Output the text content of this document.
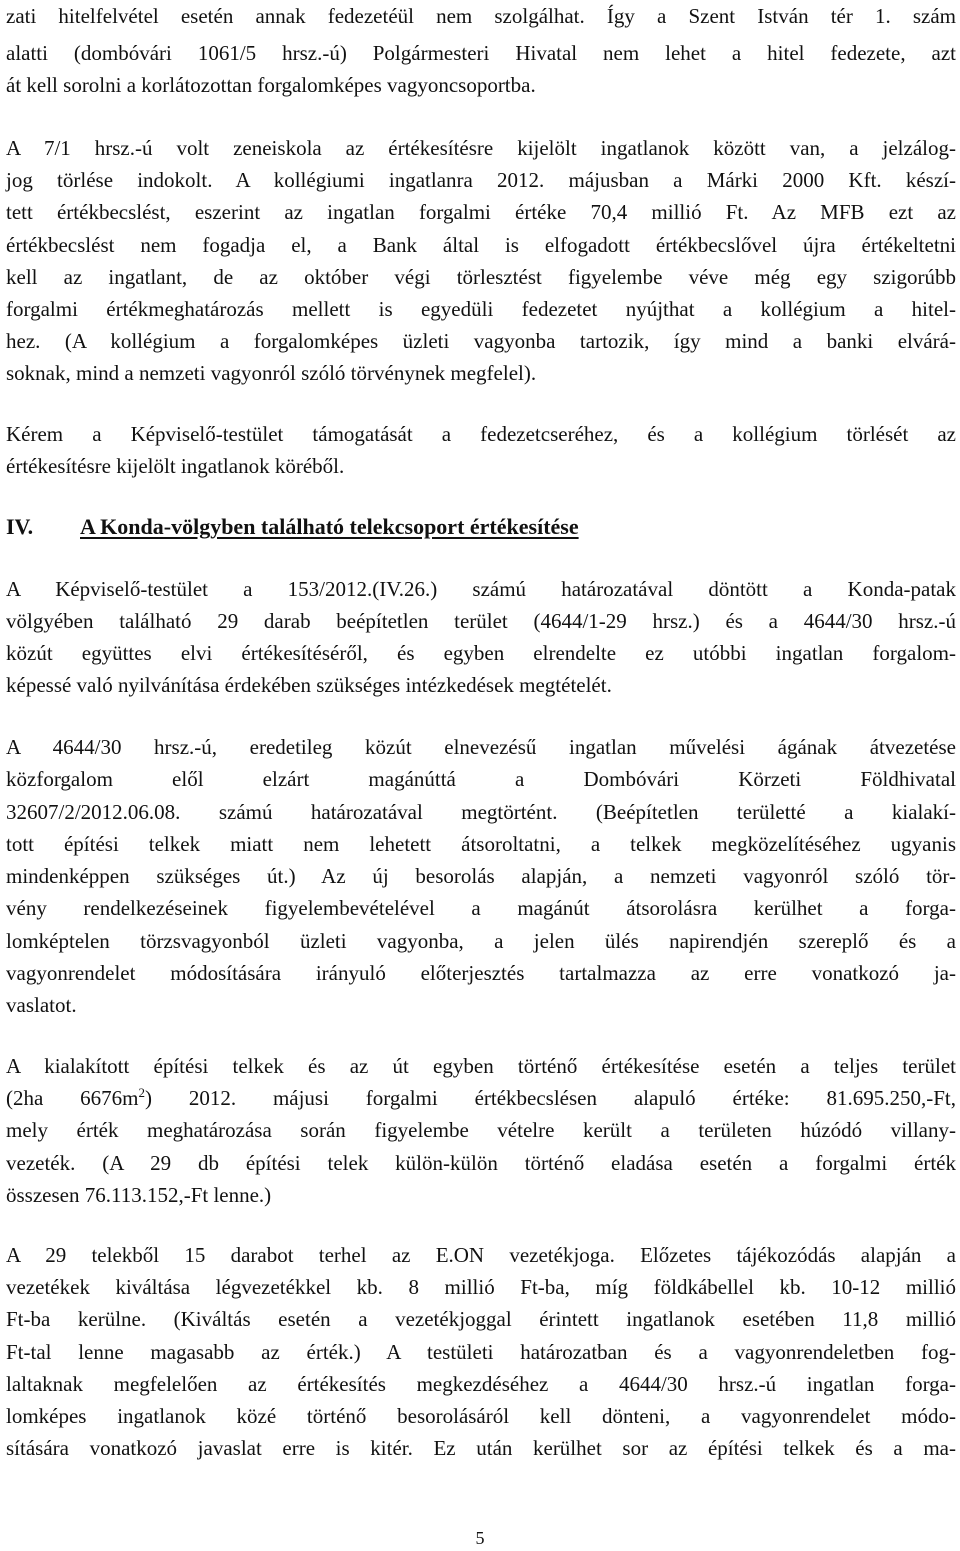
zati hitelfelvétel esetén annak fedezetéül nem szolgálhat. Így a Szent István tér 1. szám
alatti (dombóvári 1061/5 hrsz.-ú) Polgármesteri Hivatal nem lehet a hitel fedezete, azt
át kell sorolni a korlátozottan forgalomképes vagyoncsoportba.
A 7/1 hrsz.-ú volt zeneiskola az értékesítésre kijelölt ingatlanok között van, a jelzálog-
jog törlése indokolt. A kollégiumi ingatlanra 2012. májusban a Márki 2000 Kft. készí-
tett értékbecslést, eszerint az ingatlan forgalmi értéke 70,4 millió Ft. Az MFB ezt az
értékbecslést nem fogadja el, a Bank által is elfogadott értékbecslővel újra értékeltetni
kell az ingatlant, de az október végi törlesztést figyelembe véve még egy szigorúbb
forgalmi értékmeghatározás mellett is egyedüli fedezetet nyújthat a kollégium a hitel-
hez. (A kollégium a forgalomképes üzleti vagyonba tartozik, így mind a banki elvárá-
soknak, mind a nemzeti vagyonról szóló törvénynek megfelel).
Kérem a Képviselő-testület támogatását a fedezetcseréhez, és a kollégium törlését az
értékesítésre kijelölt ingatlanok köréből.
IV. A Konda-völgyben található telekcsoport értékesítése
A Képviselő-testület a 153/2012.(IV.26.) számú határozatával döntött a Konda-patak
völgyében található 29 darab beépítetlen terület (4644/1-29 hrsz.) és a 4644/30 hrsz.-ú
közút együttes elvi értékesítéséről, és egyben elrendelte ez utóbbi ingatlan forgalom-
képessé való nyilvánítása érdekében szükséges intézkedések megtételét.
A 4644/30 hrsz.-ú, eredetileg közút elnevezésű ingatlan művelési ágának átvezetése
közforgalom elől elzárt magánúttá a Dombóvári Körzeti Földhivatal
32607/2/2012.06.08. számú határozatával megtörtént. (Beépítetlen területté a kialakí-
tott építési telkek miatt nem lehetett átsoroltatni, a telkek megközelítéséhez ugyanis
mindenképpen szükséges út.) Az új besorolás alapján, a nemzeti vagyonról szóló tör-
vény rendelkezéseinek figyelembevételével a magánút átsorolásra kerülhet a forga-
lomképtelen törzsvagyonból üzleti vagyonba, a jelen ülés napirendjén szereplő és a
vagyonrendelet módosítására irányuló előterjesztés tartalmazza az erre vonatkozó ja-
vaslatot.
A kialakított építési telkek és az út egyben történő értékesítése esetén a teljes terület
(2ha $6676m^2$) 2012. májusi forgalmi értékbecslésen alapuló értéke: 81.695.250,-Ft,
mely érték meghatározása során figyelembe vételre került a területen húzódó villany-
vezeték. (A 29 db építési telek külön-külön történő eladása esetén a forgalmi érték
összesen 76.113.152,-Ft lenne.)
A 29 telekből 15 darabot terhel az E.ON vezetékjoga. Előzetes tájékozódás alapján a
vezetékek kiváltása légvezetékkel kb. 8 millió Ft-ba, míg földkábellel kb. 10-12 millió
Ft-ba kerülne. (Kiváltás esetén a vezetékjoggal érintett ingatlanok esetében 11,8 millió
Ft-tal lenne magasabb az érték.) A testületi határozatban és a vagyonrendeletben fog-
laltaknak megfelelően az értékesítés megkezdéséhez a 4644/30 hrsz.-ú ingatlan forga-
lomképes ingatlanok közé történő besorolásáról kell dönteni, a vagyonrendelet módo-
sítására vonatkozó javaslat erre is kitér. Ez után kerülhet sor az építési telkek és a ma-
5
